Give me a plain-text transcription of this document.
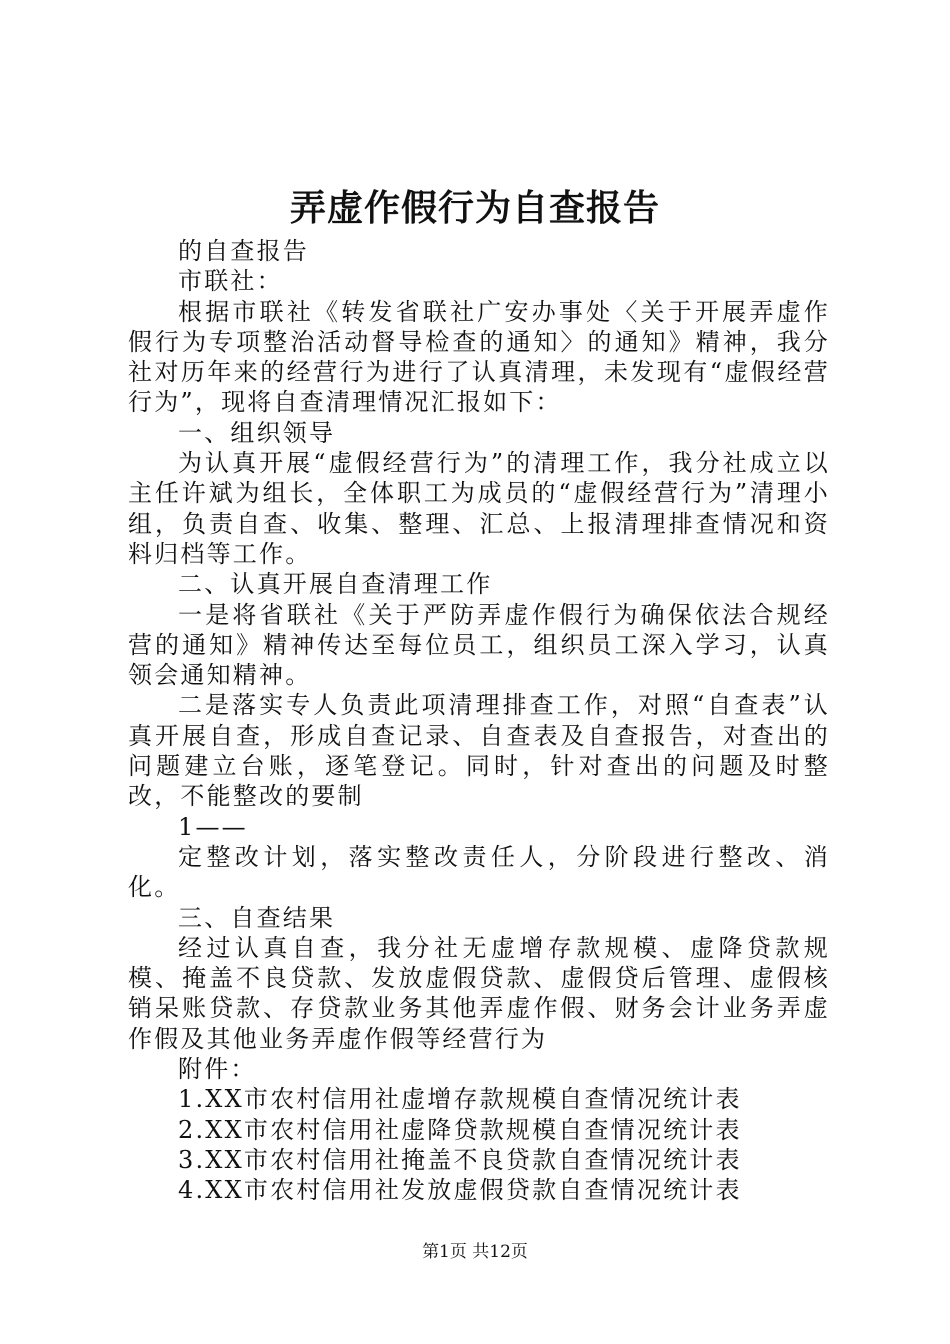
弄虚作假行为自查报告

的自查报告

市联社：

根据市联社《转发省联社广安办事处〈关于开展弄虚作假行为专项整治活动督导检查的通知〉的通知》精神，我分社对历年来的经营行为进行了认真清理，未发现有“虚假经营行为”，现将自查清理情况汇报如下：

一、组织领导

为认真开展“虚假经营行为”的清理工作，我分社成立以主任许斌为组长，全体职工为成员的“虚假经营行为”清理小组，负责自查、收集、整理、汇总、上报清理排查情况和资料归档等工作。

二、认真开展自查清理工作

一是将省联社《关于严防弄虚作假行为确保依法合规经营的通知》精神传达至每位员工，组织员工深入学习，认真领会通知精神。

二是落实专人负责此项清理排查工作，对照“自查表”认真开展自查，形成自查记录、自查表及自查报告，对查出的问题建立台账，逐笔登记。同时，针对查出的问题及时整改，不能整改的要制

1——

定整改计划，落实整改责任人，分阶段进行整改、消化。

三、自查结果

经过认真自查，我分社无虚增存款规模、虚降贷款规模、掩盖不良贷款、发放虚假贷款、虚假贷后管理、虚假核销呆账贷款、存贷款业务其他弄虚作假、财务会计业务弄虚作假及其他业务弄虚作假等经营行为

附件：

1.XX市农村信用社虚增存款规模自查情况统计表

2.XX市农村信用社虚降贷款规模自查情况统计表

3.XX市农村信用社掩盖不良贷款自查情况统计表

4.XX市农村信用社发放虚假贷款自查情况统计表

第1页 共12页
